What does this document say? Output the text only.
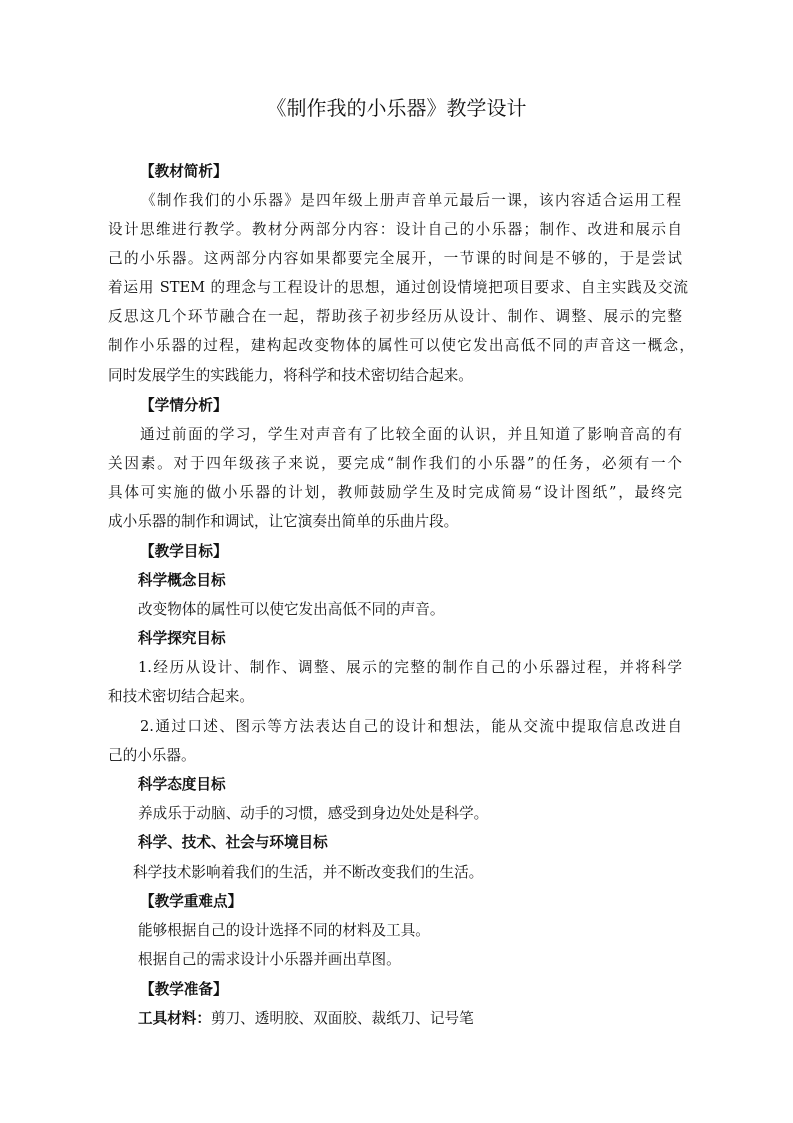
《制作我的小乐器》教学设计
【教材简析】
《制作我们的小乐器》是四年级上册声音单元最后一课，该内容适合运用工程
设计思维进行教学。教材分两部分内容：设计自己的小乐器；制作、改进和展示自
己的小乐器。这两部分内容如果都要完全展开，一节课的时间是不够的，于是尝试
着运用 STEM 的理念与工程设计的思想，通过创设情境把项目要求、自主实践及交流
反思这几个环节融合在一起，帮助孩子初步经历从设计、制作、调整、展示的完整
制作小乐器的过程，建构起改变物体的属性可以使它发出高低不同的声音这一概念，
同时发展学生的实践能力，将科学和技术密切结合起来。
【学情分析】
通过前面的学习，学生对声音有了比较全面的认识，并且知道了影响音高的有
关因素。对于四年级孩子来说，要完成“制作我们的小乐器”的任务，必须有一个
具体可实施的做小乐器的计划，教师鼓励学生及时完成简易“设计图纸”，最终完
成小乐器的制作和调试，让它演奏出简单的乐曲片段。
【教学目标】
科学概念目标
改变物体的属性可以使它发出高低不同的声音。
科学探究目标
1.经历从设计、制作、调整、展示的完整的制作自己的小乐器过程，并将科学
和技术密切结合起来。
2.通过口述、图示等方法表达自己的设计和想法，能从交流中提取信息改进自
己的小乐器。
科学态度目标
养成乐于动脑、动手的习惯，感受到身边处处是科学。
科学、技术、社会与环境目标
科学技术影响着我们的生活，并不断改变我们的生活。
【教学重难点】
能够根据自己的设计选择不同的材料及工具。
根据自己的需求设计小乐器并画出草图。
【教学准备】
工具材料：剪刀、透明胶、双面胶、裁纸刀、记号笔
